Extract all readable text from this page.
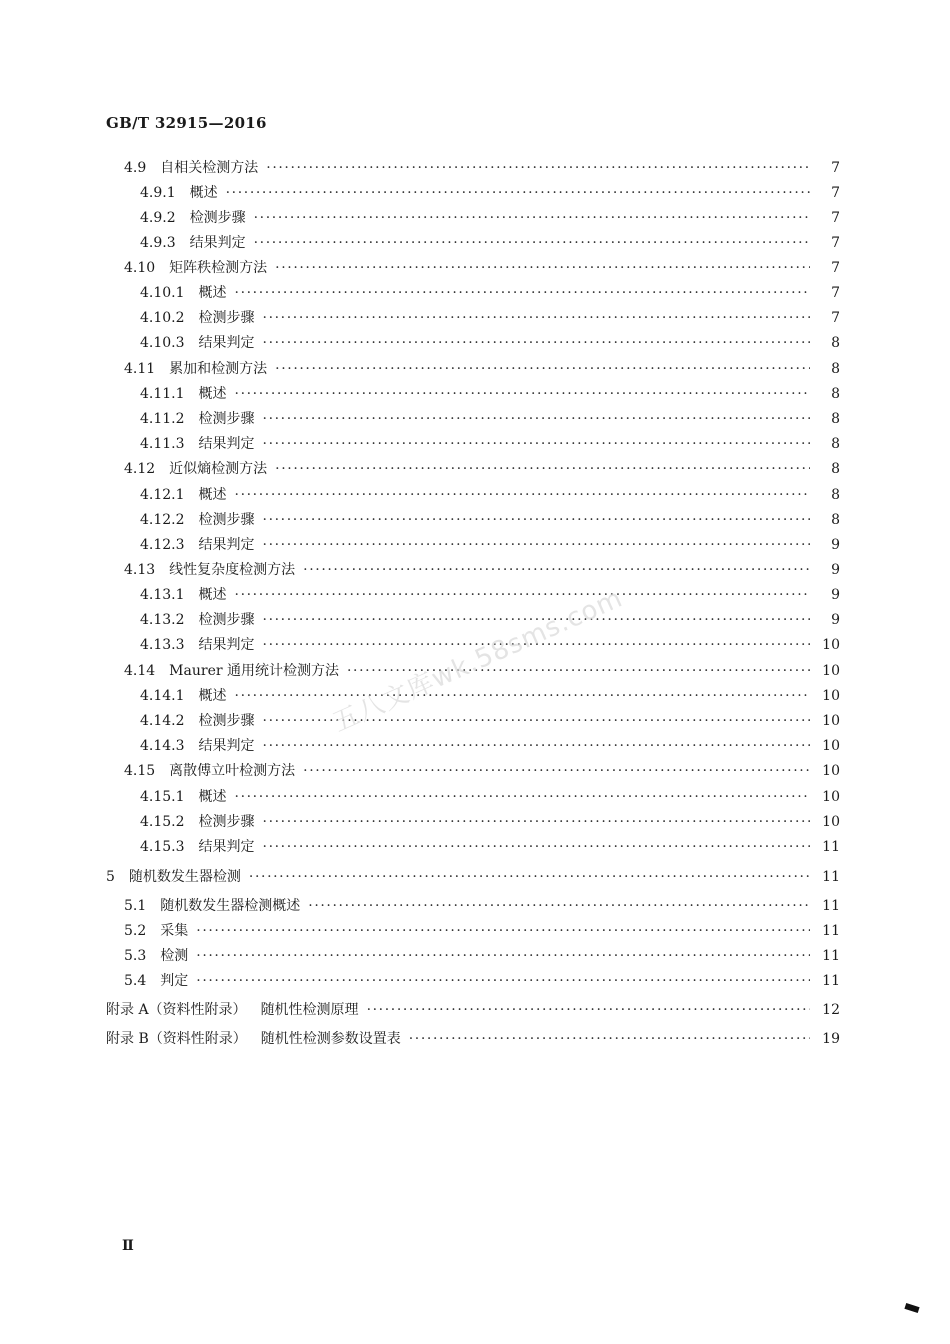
GB/T 32915—2016
4.9 自相关检测方法 ·····	7
4.9.1 概述 ·····	7
4.9.2 检测步骤 ·····	7
4.9.3 结果判定 ·····	7
4.10 矩阵秩检测方法 ·····	7
4.10.1 概述 ·····	7
4.10.2 检测步骤 ·····	7
4.10.3 结果判定 ·····	8
4.11 累加和检测方法 ·····	8
4.11.1 概述 ·····	8
4.11.2 检测步骤 ·····	8
4.11.3 结果判定 ·····	8
4.12 近似熵检测方法 ·····	8
4.12.1 概述 ·····	8
4.12.2 检测步骤 ·····	8
4.12.3 结果判定 ·····	9
4.13 线性复杂度检测方法 ·····	9
4.13.1 概述 ·····	9
4.13.2 检测步骤 ·····	9
4.13.3 结果判定 ·····	10
4.14 Maurer 通用统计检测方法 ·····	10
4.14.1 概述 ·····	10
4.14.2 检测步骤 ·····	10
4.14.3 结果判定 ·····	10
4.15 离散傅立叶检测方法 ·····	10
4.15.1 概述 ·····	10
4.15.2 检测步骤 ·····	10
4.15.3 结果判定 ·····	11
5 随机数发生器检测 ·····	11
5.1 随机数发生器检测概述 ·····	11
5.2 采集 ·····	11
5.3 检测 ·····	11
5.4 判定 ·····	11
附录 A（资料性附录） 随机性检测原理 ·····	12
附录 B（资料性附录） 随机性检测参数设置表 ·····	19
五八文库wk.58sms.com
Ⅱ
